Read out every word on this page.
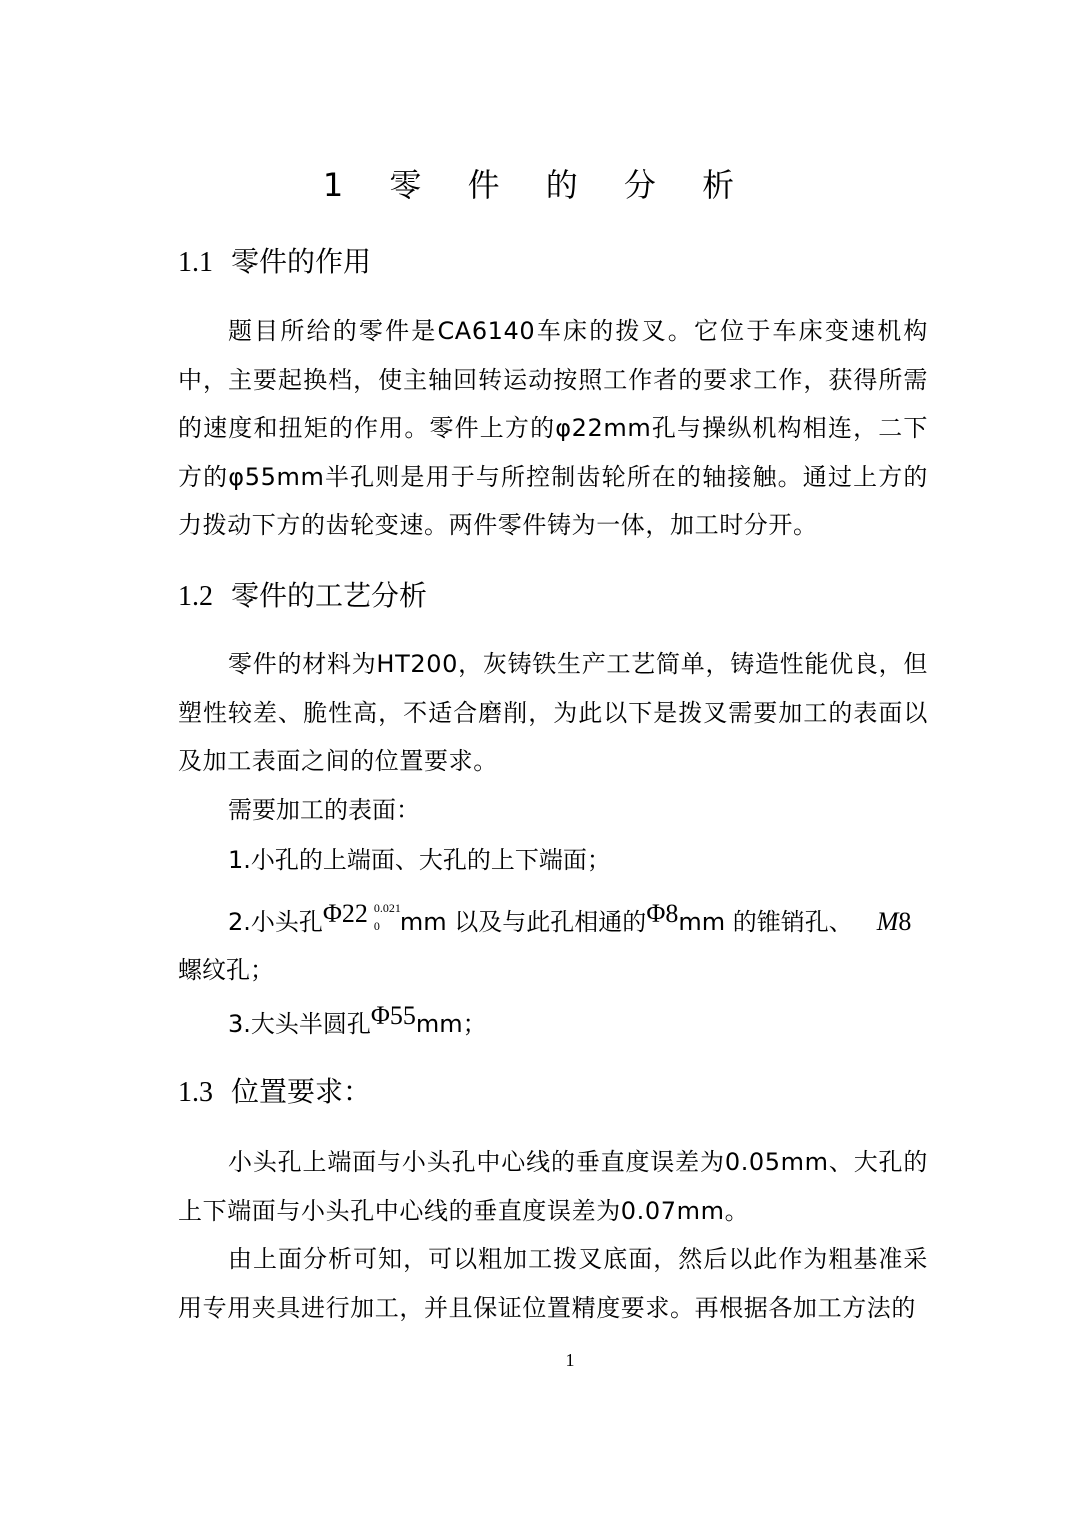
1 零 件 的 分 析
1.1 零件的作用
题目所给的零件是CA6140车床的拨叉。它位于车床变速机构中，主要起换档，使主轴回转运动按照工作者的要求工作，获得所需的速度和扭矩的作用。零件上方的φ22mm孔与操纵机构相连，二下方的φ55mm半孔则是用于与所控制齿轮所在的轴接触。通过上方的力拨动下方的齿轮变速。两件零件铸为一体，加工时分开。
1.2 零件的工艺分析
零件的材料为HT200，灰铸铁生产工艺简单，铸造性能优良，但塑性较差、脆性高，不适合磨削，为此以下是拨叉需要加工的表面以及加工表面之间的位置要求。
需要加工的表面：
1.小孔的上端面、大孔的上下端面；
2.小头孔Φ22 0.021
0 mm 以及与此孔相通的Φ8mm 的锥销孔、 M8
螺纹孔；
3.大头半圆孔Φ55mm；
1.3 位置要求：
小头孔上端面与小头孔中心线的垂直度误差为0.05mm、大孔的上下端面与小头孔中心线的垂直度误差为0.07mm。
由上面分析可知，可以粗加工拨叉底面，然后以此作为粗基准采用专用夹具进行加工，并且保证位置精度要求。再根据各加工方法的
1
